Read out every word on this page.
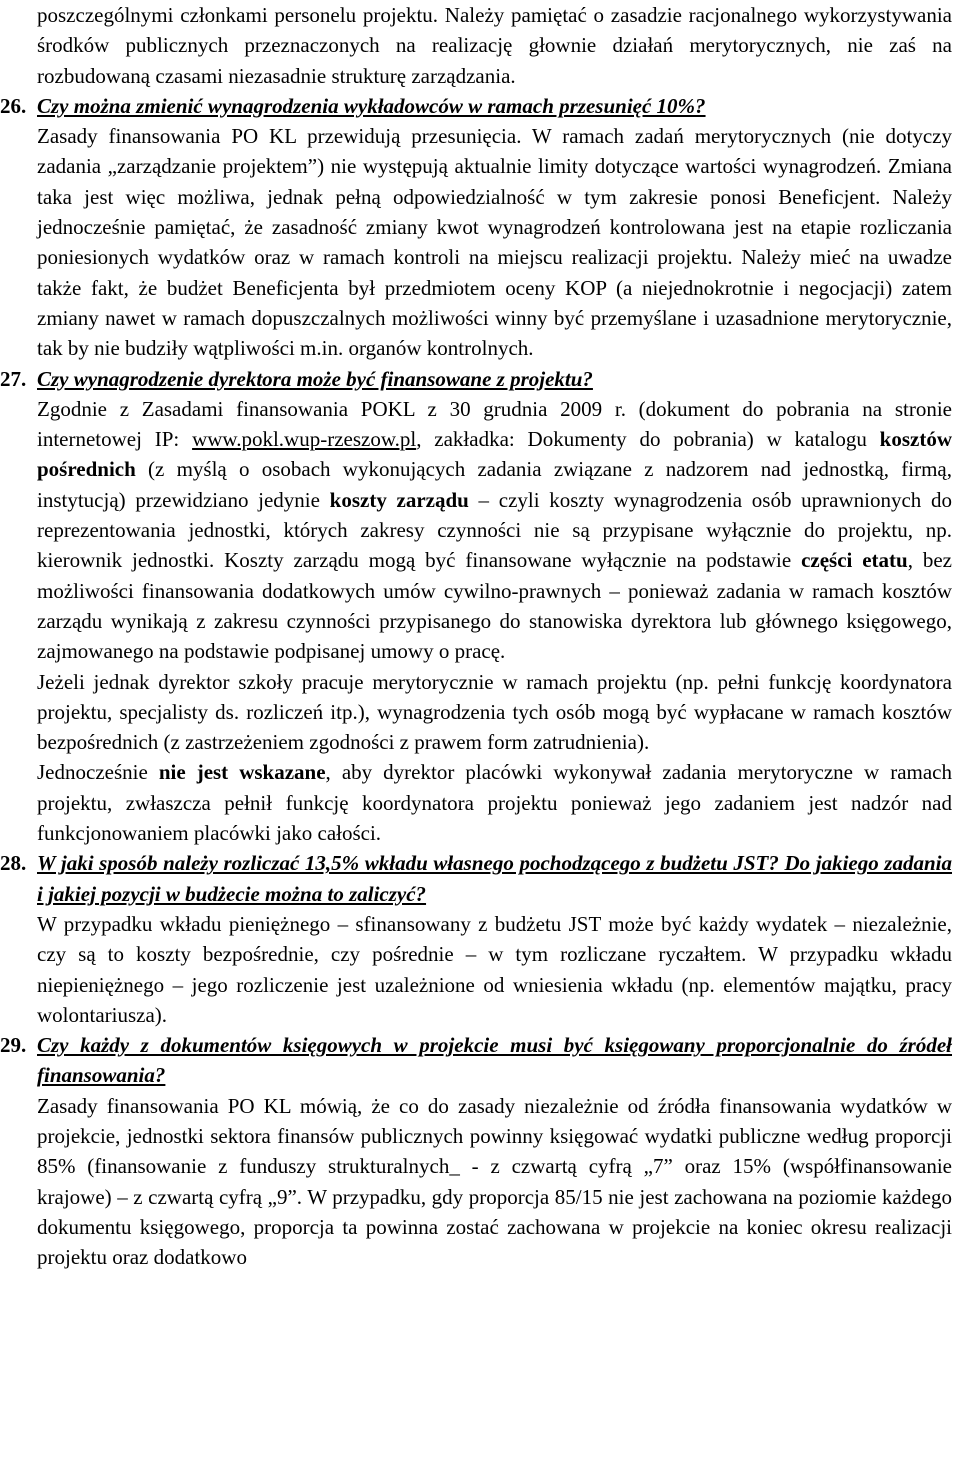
poszczególnymi członkami personelu projektu. Należy pamiętać o zasadzie racjonalnego wykorzystywania środków publicznych przeznaczonych na realizację głownie działań merytorycznych, nie zaś na rozbudowaną czasami niezasadnie strukturę zarządzania.

26. Czy można zmienić wynagrodzenia wykładowców w ramach przesunięć 10%?

Zasady finansowania PO KL przewidują przesunięcia. W ramach zadań merytorycznych (nie dotyczy zadania „zarządzanie projektem”) nie występują aktualnie limity dotyczące wartości wynagrodzeń. Zmiana taka jest więc możliwa, jednak pełną odpowiedzialność w tym zakresie ponosi Beneficjent. Należy jednocześnie pamiętać, że zasadność zmiany kwot wynagrodzeń kontrolowana jest na etapie rozliczania poniesionych wydatków oraz w ramach kontroli na miejscu realizacji projektu. Należy mieć na uwadze także fakt, że budżet Beneficjenta był przedmiotem oceny KOP (a niejednokrotnie i negocjacji) zatem zmiany nawet w ramach dopuszczalnych możliwości winny być przemyślane i uzasadnione merytorycznie, tak by nie budziły wątpliwości m.in. organów kontrolnych.

27. Czy wynagrodzenie dyrektora może być finansowane z projektu?

Zgodnie z Zasadami finansowania POKL z 30 grudnia 2009 r. (dokument do pobrania na stronie internetowej IP: www.pokl.wup-rzeszow.pl, zakładka: Dokumenty do pobrania) w katalogu kosztów pośrednich (z myślą o osobach wykonujących zadania związane z nadzorem nad jednostką, firmą, instytucją) przewidziano jedynie koszty zarządu – czyli koszty wynagrodzenia osób uprawnionych do reprezentowania jednostki, których zakresy czynności nie są przypisane wyłącznie do projektu, np. kierownik jednostki. Koszty zarządu mogą być finansowane wyłącznie na podstawie części etatu, bez możliwości finansowania dodatkowych umów cywilno-prawnych – ponieważ zadania w ramach kosztów zarządu wynikają z zakresu czynności przypisanego do stanowiska dyrektora lub głównego księgowego, zajmowanego na podstawie podpisanej umowy o pracę.

Jeżeli jednak dyrektor szkoły pracuje merytorycznie w ramach projektu (np. pełni funkcję koordynatora projektu, specjalisty ds. rozliczeń itp.), wynagrodzenia tych osób mogą być wypłacane w ramach kosztów bezpośrednich (z zastrzeżeniem zgodności z prawem form zatrudnienia).

Jednocześnie nie jest wskazane, aby dyrektor placówki wykonywał zadania merytoryczne w ramach projektu, zwłaszcza pełnił funkcję koordynatora projektu ponieważ jego zadaniem jest nadzór nad funkcjonowaniem placówki jako całości.

28. W jaki sposób należy rozliczać 13,5% wkładu własnego pochodzącego z budżetu JST? Do jakiego zadania i jakiej pozycji w budżecie można to zaliczyć?

W przypadku wkładu pieniężnego – sfinansowany z budżetu JST może być każdy wydatek – niezależnie, czy są to koszty bezpośrednie, czy pośrednie – w tym rozliczane ryczałtem. W przypadku wkładu niepieniężnego – jego rozliczenie jest uzależnione od wniesienia wkładu (np. elementów majątku, pracy wolontariusza).

29. Czy każdy z dokumentów księgowych w projekcie musi być księgowany proporcjonalnie do źródeł finansowania?

Zasady finansowania PO KL mówią, że co do zasady niezależnie od źródła finansowania wydatków w projekcie, jednostki sektora finansów publicznych powinny księgować wydatki publiczne według proporcji 85% (finansowanie z funduszy strukturalnych_ - z czwartą cyfrą „7” oraz 15% (współfinansowanie krajowe) – z czwartą cyfrą „9”. W przypadku, gdy proporcja 85/15 nie jest zachowana na poziomie każdego dokumentu księgowego, proporcja ta powinna zostać zachowana w projekcie na koniec okresu realizacji projektu oraz dodatkowo
